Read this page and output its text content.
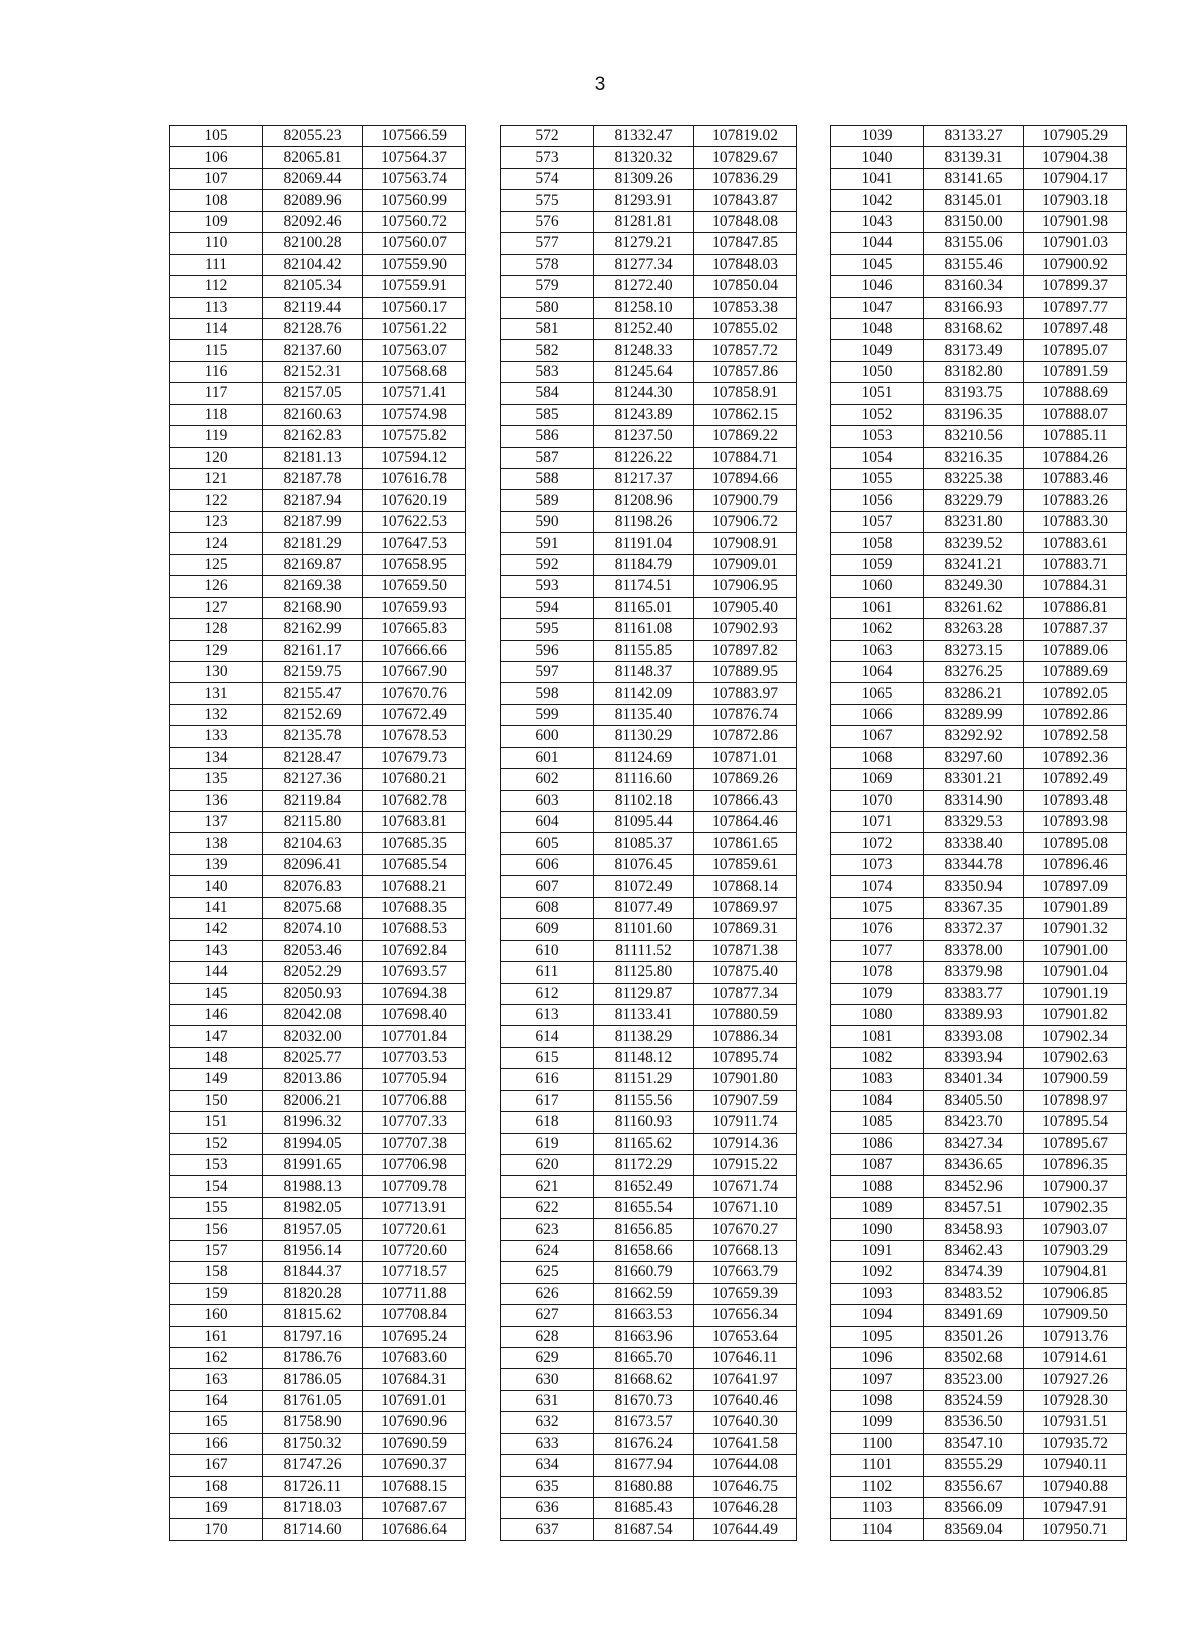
3
105	82055.23	107566.59
106	82065.81	107564.37
107	82069.44	107563.74
108	82089.96	107560.99
109	82092.46	107560.72
110	82100.28	107560.07
111	82104.42	107559.90
112	82105.34	107559.91
113	82119.44	107560.17
114	82128.76	107561.22
115	82137.60	107563.07
116	82152.31	107568.68
117	82157.05	107571.41
118	82160.63	107574.98
119	82162.83	107575.82
120	82181.13	107594.12
121	82187.78	107616.78
122	82187.94	107620.19
123	82187.99	107622.53
124	82181.29	107647.53
125	82169.87	107658.95
126	82169.38	107659.50
127	82168.90	107659.93
128	82162.99	107665.83
129	82161.17	107666.66
130	82159.75	107667.90
131	82155.47	107670.76
132	82152.69	107672.49
133	82135.78	107678.53
134	82128.47	107679.73
135	82127.36	107680.21
136	82119.84	107682.78
137	82115.80	107683.81
138	82104.63	107685.35
139	82096.41	107685.54
140	82076.83	107688.21
141	82075.68	107688.35
142	82074.10	107688.53
143	82053.46	107692.84
144	82052.29	107693.57
145	82050.93	107694.38
146	82042.08	107698.40
147	82032.00	107701.84
148	82025.77	107703.53
149	82013.86	107705.94
150	82006.21	107706.88
151	81996.32	107707.33
152	81994.05	107707.38
153	81991.65	107706.98
154	81988.13	107709.78
155	81982.05	107713.91
156	81957.05	107720.61
157	81956.14	107720.60
158	81844.37	107718.57
159	81820.28	107711.88
160	81815.62	107708.84
161	81797.16	107695.24
162	81786.76	107683.60
163	81786.05	107684.31
164	81761.05	107691.01
165	81758.90	107690.96
166	81750.32	107690.59
167	81747.26	107690.37
168	81726.11	107688.15
169	81718.03	107687.67
170	81714.60	107686.64
572	81332.47	107819.02
573	81320.32	107829.67
574	81309.26	107836.29
575	81293.91	107843.87
576	81281.81	107848.08
577	81279.21	107847.85
578	81277.34	107848.03
579	81272.40	107850.04
580	81258.10	107853.38
581	81252.40	107855.02
582	81248.33	107857.72
583	81245.64	107857.86
584	81244.30	107858.91
585	81243.89	107862.15
586	81237.50	107869.22
587	81226.22	107884.71
588	81217.37	107894.66
589	81208.96	107900.79
590	81198.26	107906.72
591	81191.04	107908.91
592	81184.79	107909.01
593	81174.51	107906.95
594	81165.01	107905.40
595	81161.08	107902.93
596	81155.85	107897.82
597	81148.37	107889.95
598	81142.09	107883.97
599	81135.40	107876.74
600	81130.29	107872.86
601	81124.69	107871.01
602	81116.60	107869.26
603	81102.18	107866.43
604	81095.44	107864.46
605	81085.37	107861.65
606	81076.45	107859.61
607	81072.49	107868.14
608	81077.49	107869.97
609	81101.60	107869.31
610	81111.52	107871.38
611	81125.80	107875.40
612	81129.87	107877.34
613	81133.41	107880.59
614	81138.29	107886.34
615	81148.12	107895.74
616	81151.29	107901.80
617	81155.56	107907.59
618	81160.93	107911.74
619	81165.62	107914.36
620	81172.29	107915.22
621	81652.49	107671.74
622	81655.54	107671.10
623	81656.85	107670.27
624	81658.66	107668.13
625	81660.79	107663.79
626	81662.59	107659.39
627	81663.53	107656.34
628	81663.96	107653.64
629	81665.70	107646.11
630	81668.62	107641.97
631	81670.73	107640.46
632	81673.57	107640.30
633	81676.24	107641.58
634	81677.94	107644.08
635	81680.88	107646.75
636	81685.43	107646.28
637	81687.54	107644.49
1039	83133.27	107905.29
1040	83139.31	107904.38
1041	83141.65	107904.17
1042	83145.01	107903.18
1043	83150.00	107901.98
1044	83155.06	107901.03
1045	83155.46	107900.92
1046	83160.34	107899.37
1047	83166.93	107897.77
1048	83168.62	107897.48
1049	83173.49	107895.07
1050	83182.80	107891.59
1051	83193.75	107888.69
1052	83196.35	107888.07
1053	83210.56	107885.11
1054	83216.35	107884.26
1055	83225.38	107883.46
1056	83229.79	107883.26
1057	83231.80	107883.30
1058	83239.52	107883.61
1059	83241.21	107883.71
1060	83249.30	107884.31
1061	83261.62	107886.81
1062	83263.28	107887.37
1063	83273.15	107889.06
1064	83276.25	107889.69
1065	83286.21	107892.05
1066	83289.99	107892.86
1067	83292.92	107892.58
1068	83297.60	107892.36
1069	83301.21	107892.49
1070	83314.90	107893.48
1071	83329.53	107893.98
1072	83338.40	107895.08
1073	83344.78	107896.46
1074	83350.94	107897.09
1075	83367.35	107901.89
1076	83372.37	107901.32
1077	83378.00	107901.00
1078	83379.98	107901.04
1079	83383.77	107901.19
1080	83389.93	107901.82
1081	83393.08	107902.34
1082	83393.94	107902.63
1083	83401.34	107900.59
1084	83405.50	107898.97
1085	83423.70	107895.54
1086	83427.34	107895.67
1087	83436.65	107896.35
1088	83452.96	107900.37
1089	83457.51	107902.35
1090	83458.93	107903.07
1091	83462.43	107903.29
1092	83474.39	107904.81
1093	83483.52	107906.85
1094	83491.69	107909.50
1095	83501.26	107913.76
1096	83502.68	107914.61
1097	83523.00	107927.26
1098	83524.59	107928.30
1099	83536.50	107931.51
1100	83547.10	107935.72
1101	83555.29	107940.11
1102	83556.67	107940.88
1103	83566.09	107947.91
1104	83569.04	107950.71
